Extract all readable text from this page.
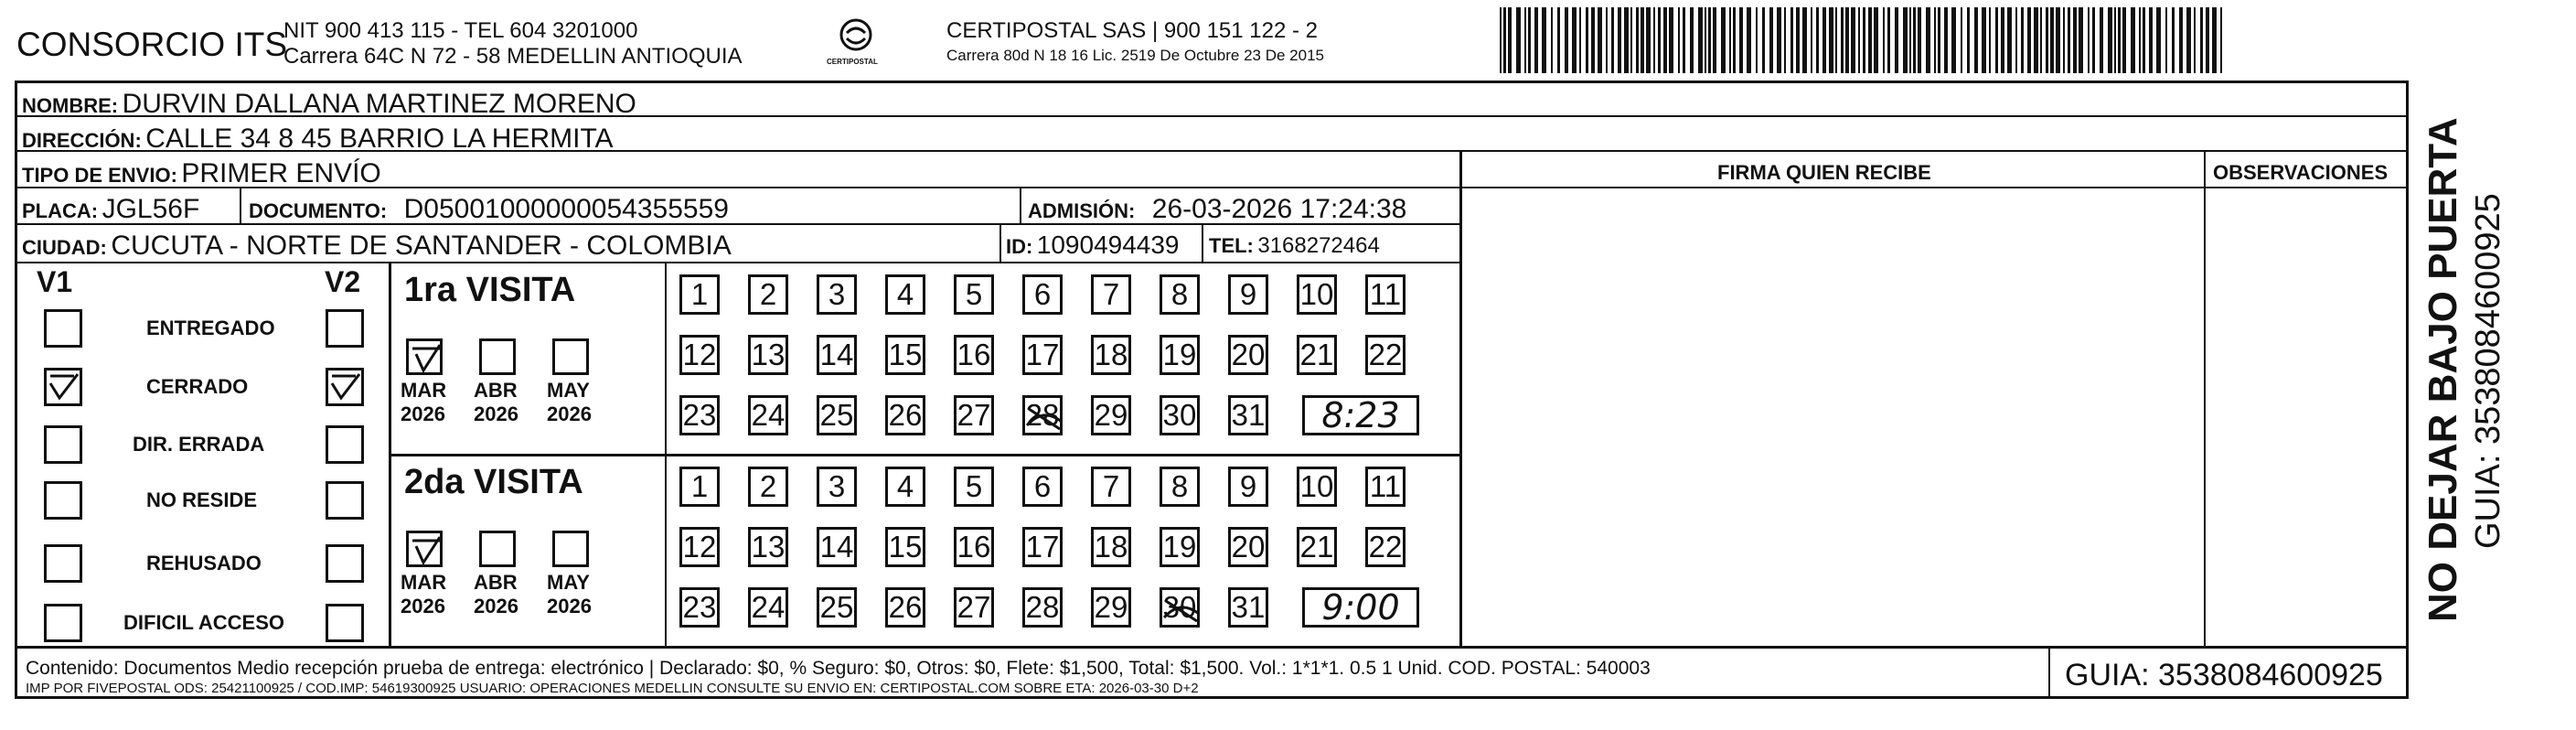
CONSORCIO ITS
NIT 900 413 115 - TEL 604 3201000
Carrera 64C N 72 - 58 MEDELLIN ANTIOQUIA	CERTIPOSTAL
CERTIPOSTAL SAS | 900 151 122 - 2
Carrera 80d N 18 16 Lic. 2519 De Octubre 23 De 2015
NOMBRE: DURVIN DALLANA MARTINEZ MORENO
DIRECCIÓN: CALLE 34 8 45 BARRIO LA HERMITA
TIPO DE ENVIO: PRIMER ENVÍO
PLACA: JGL56F DOCUMENTO: D05001000000054355559	ADMISIÓN: 26-03-2026 17:24:38
CIUDAD: CUCUTA - NORTE DE SANTANDER - COLOMBIA	ID: 1090494439 TEL: 3168272464
FIRMA QUIEN RECIBE	OBSERVACIONES
V1	V2
ENTREGADO
CERRADO
DIR. ERRADA
NO RESIDE
REHUSADO
DIFICIL ACCESO
1ra VISITA
MAR
2026
ABR
2026
MAY
2026
1	2	3	4	5	6	7	8	9	10 11
12 13 14 15 16 17 18 19 20 21 22
23 24 25 26 27 28 29 30 31 8:23
2da VISITA
MAR
2026
ABR
2026
MAY
2026
1	2	3	4	5	6	7	8	9	10 11
12 13 14 15 16 17 18 19 20 21 22
23 24 25 26 27 28 29 30 31 9:00
Contenido: Documentos Medio recepción prueba de entrega: electrónico | Declarado: $0, % Seguro: $0, Otros: $0, Flete: $1,500, Total: $1,500. Vol.: 1*1*1. 0.5 1 Unid. COD. POSTAL: 540003
IMP POR FIVEPOSTAL ODS: 25421100925 / COD.IMP: 54619300925 USUARIO: OPERACIONES MEDELLIN CONSULTE SU ENVIO EN: CERTIPOSTAL.COM SOBRE ETA: 2026-03-30 D+2	GUIA: 3538084600925
NO DEJAR BAJO PUERTA GUIA: 3538084600925
